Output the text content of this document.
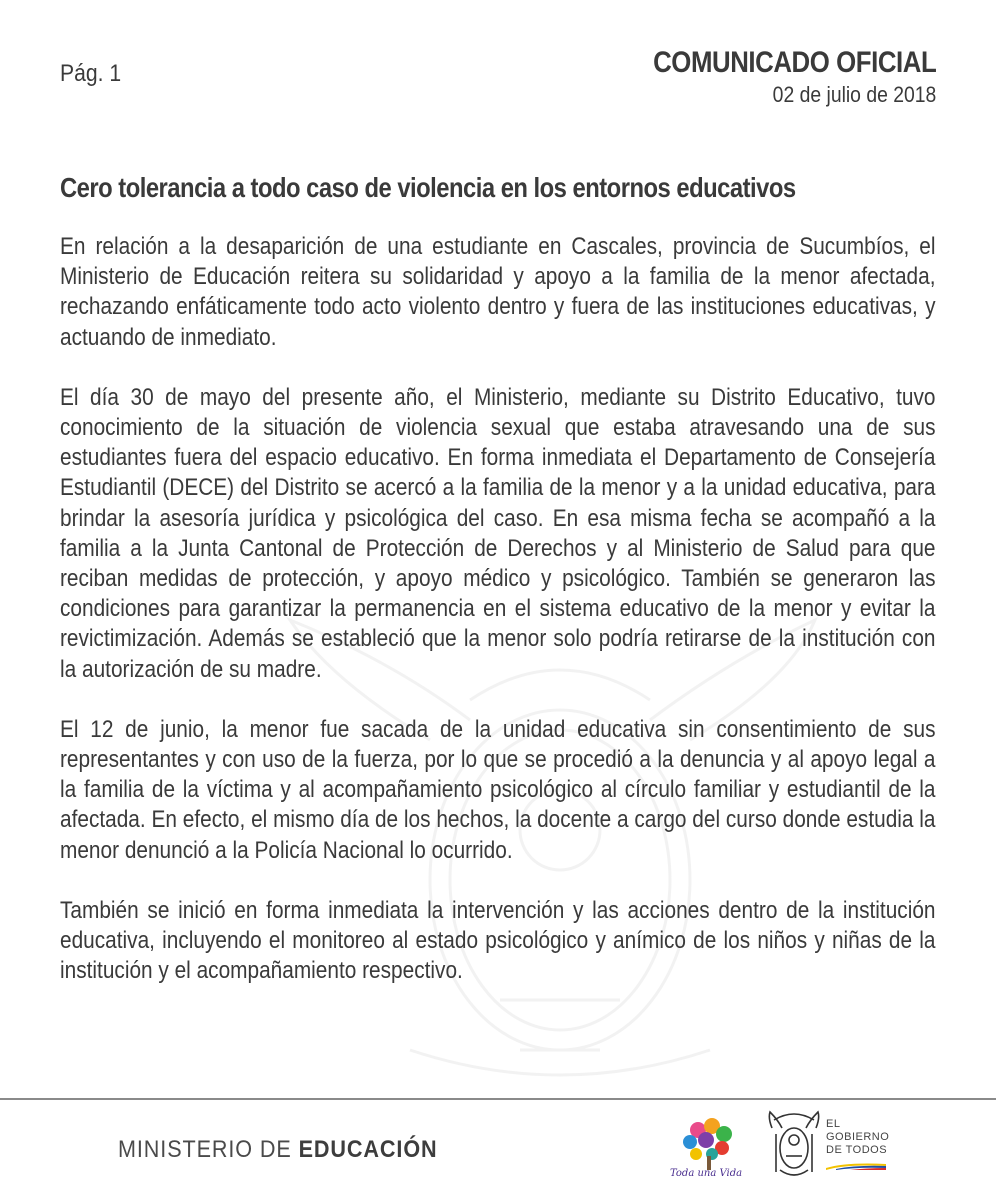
Pág. 1	COMUNICADO OFICIAL
02 de julio de 2018
Cero tolerancia a todo caso de violencia en los entornos educativos

En relación a la desaparición de una estudiante en Cascales, provincia de Sucumbíos, el Ministerio de Educación reitera su solidaridad y apoyo a la familia de la menor afectada, rechazando enfáticamente todo acto violento dentro y fuera de las instituciones educativas, y actuando de inmediato.

El día 30 de mayo del presente año, el Ministerio, mediante su Distrito Educativo, tuvo conocimiento de la situación de violencia sexual que estaba atravesando una de sus estudiantes fuera del espacio educativo. En forma inmediata el Departamento de Consejería Estudiantil (DECE) del Distrito se acercó a la familia de la menor y a la unidad educativa, para brindar la asesoría jurídica y psicológica del caso. En esa misma fecha se acompañó a la familia a la Junta Cantonal de Protección de Derechos y al Ministerio de Salud para que reciban medidas de protección, y apoyo médico y psicológico. También se generaron las condiciones para garantizar la permanencia en el sistema educativo de la menor y evitar la revictimización. Además se estableció que la menor solo podría retirarse de la institución con la autorización de su madre.

El 12 de junio, la menor fue sacada de la unidad educativa sin consentimiento de sus representantes y con uso de la fuerza, por lo que se procedió a la denuncia y al apoyo legal a la familia de la víctima y al acompañamiento psicológico al círculo familiar y estudiantil de la afectada. En efecto, el mismo día de los hechos, la docente a cargo del curso donde estudia la menor denunció a la Policía Nacional lo ocurrido.

También se inició en forma inmediata la intervención y las acciones dentro de la institución educativa, incluyendo el monitoreo al estado psicológico y anímico de los niños y niñas de la institución y el acompañamiento respectivo.

MINISTERIO DE EDUCACIÓN
Toda una Vida
EL
GOBIERNO
DE TODOS
